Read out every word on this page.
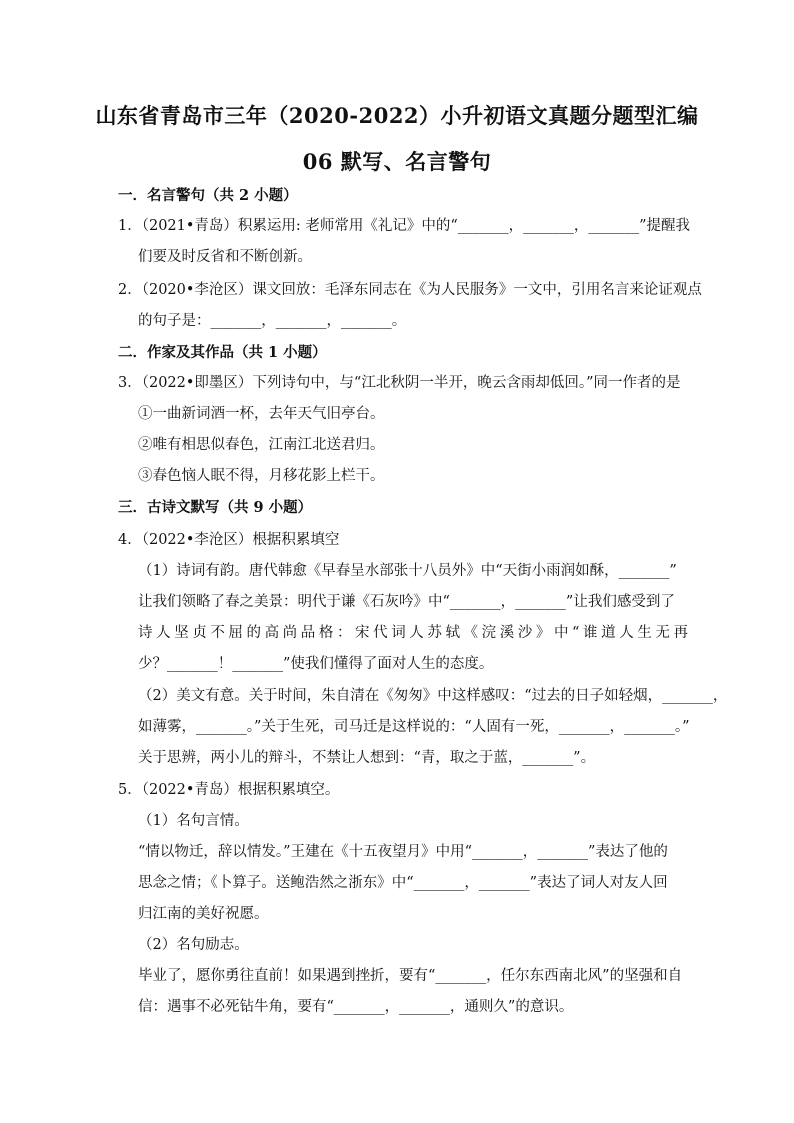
山东省青岛市三年（2020-2022）小升初语文真题分题型汇编
06 默写、名言警句
一．名言警句（共 2 小题）
1．（2021•青岛）积累运用: 老师常用《礼记》中的“_______，_______，_______”提醒我
们要及时反省和不断创新。
2．（2020•李沧区）课文回放：毛泽东同志在《为人民服务》一文中，引用名言来论证观点
的句子是：_______，_______，_______。
二．作家及其作品（共 1 小题）
3．（2022•即墨区）下列诗句中，与“江北秋阴一半开，晚云含雨却低回。”同一作者的是
①一曲新词酒一杯，去年天气旧亭台。
②唯有相思似春色，江南江北送君归。
③春色恼人眠不得，月移花影上栏干。
三．古诗文默写（共 9 小题）
4．（2022•李沧区）根据积累填空
（1）诗词有韵。唐代韩愈《早春呈水部张十八员外》中“天街小雨润如酥，_______”
让我们领略了春之美景：明代于谦《石灰吟》中“_______，_______”让我们感受到了
诗人坚贞不屈的高尚品格：宋代词人苏轼《浣溪沙》中“谁道人生无再
少？_______！_______”使我们懂得了面对人生的态度。
（2）美文有意。关于时间，朱自清在《匆匆》中这样感叹：“过去的日子如轻烟，_______，
如薄雾，_______。”关于生死，司马迁是这样说的：“人固有一死，_______，_______。”
关于思辨，两小儿的辩斗，不禁让人想到：“青，取之于蓝，_______”。
5．（2022•青岛）根据积累填空。
（1）名句言情。
“情以物迁，辞以情发。”王建在《十五夜望月》中用“_______，_______”表达了他的
思念之情；《卜算子。送鲍浩然之浙东》中“_______，_______”表达了词人对友人回
归江南的美好祝愿。
（2）名句励志。
毕业了，愿你勇往直前！如果遇到挫折，要有“_______，任尔东西南北风”的坚强和自
信：遇事不必死钻牛角，要有“_______，_______，通则久”的意识。
